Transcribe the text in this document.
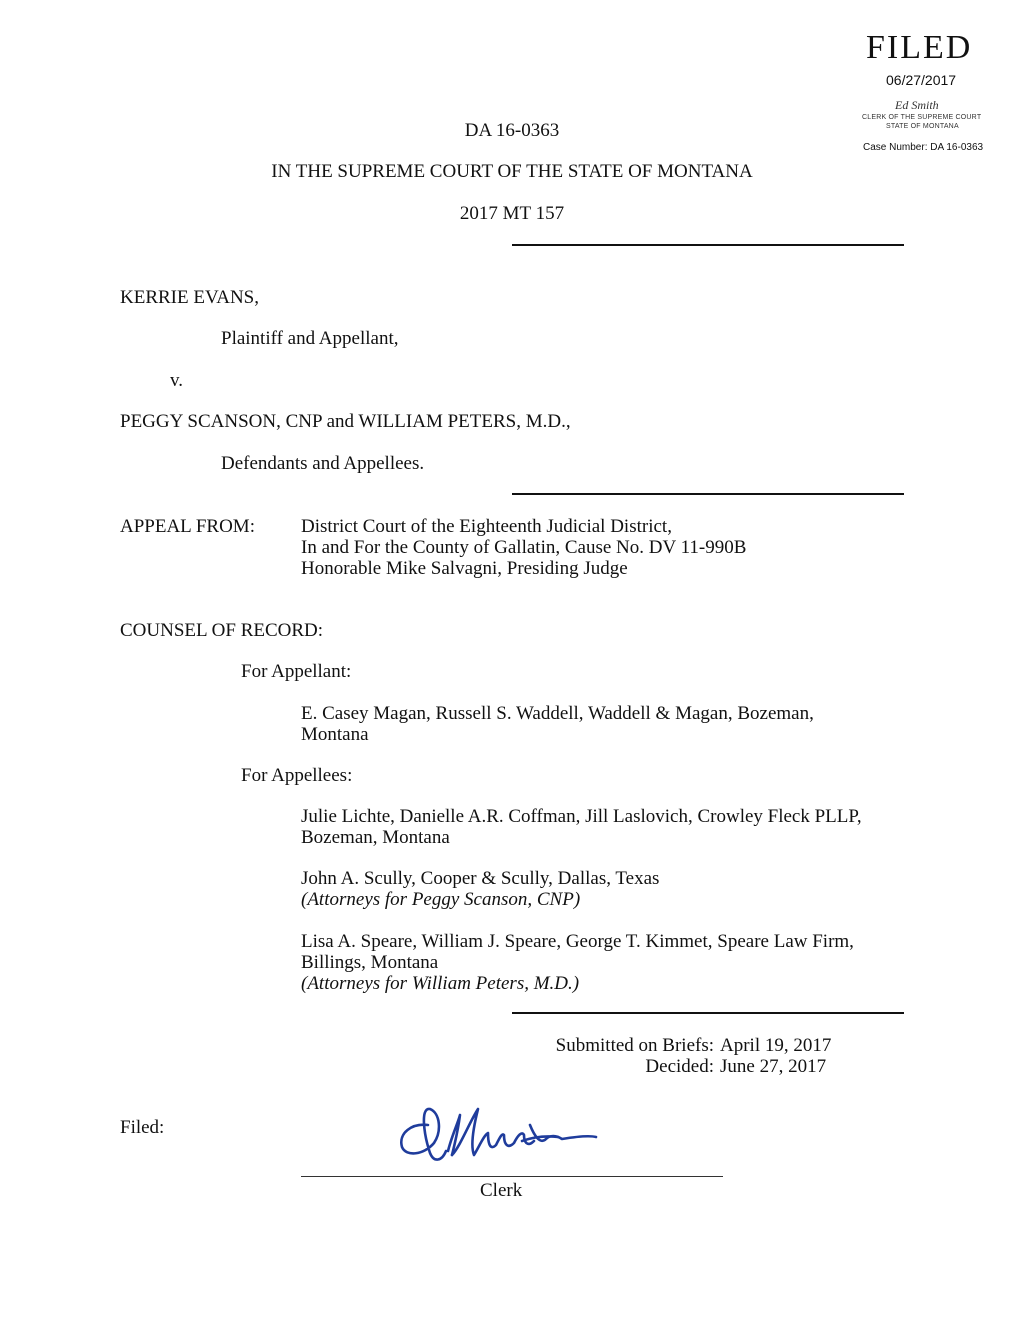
FILED
06/27/2017
Ed Smith
CLERK OF THE SUPREME COURT
STATE OF MONTANA
Case Number: DA 16-0363
DA 16-0363
IN THE SUPREME COURT OF THE STATE OF MONTANA
2017 MT 157
KERRIE EVANS,
Plaintiff and Appellant,
v.
PEGGY SCANSON, CNP and WILLIAM PETERS, M.D.,
Defendants and Appellees.
APPEAL FROM: District Court of the Eighteenth Judicial District,
In and For the County of Gallatin, Cause No. DV 11-990B
Honorable Mike Salvagni, Presiding Judge
COUNSEL OF RECORD:
For Appellant:
E. Casey Magan, Russell S. Waddell, Waddell & Magan, Bozeman,
Montana
For Appellees:
Julie Lichte, Danielle A.R. Coffman, Jill Laslovich, Crowley Fleck PLLP,
Bozeman, Montana
John A. Scully, Cooper & Scully, Dallas, Texas
(Attorneys for Peggy Scanson, CNP)
Lisa A. Speare, William J. Speare, George T. Kimmet, Speare Law Firm,
Billings, Montana
(Attorneys for William Peters, M.D.)
Submitted on Briefs: April 19, 2017
Decided: June 27, 2017
Filed:
Clerk
